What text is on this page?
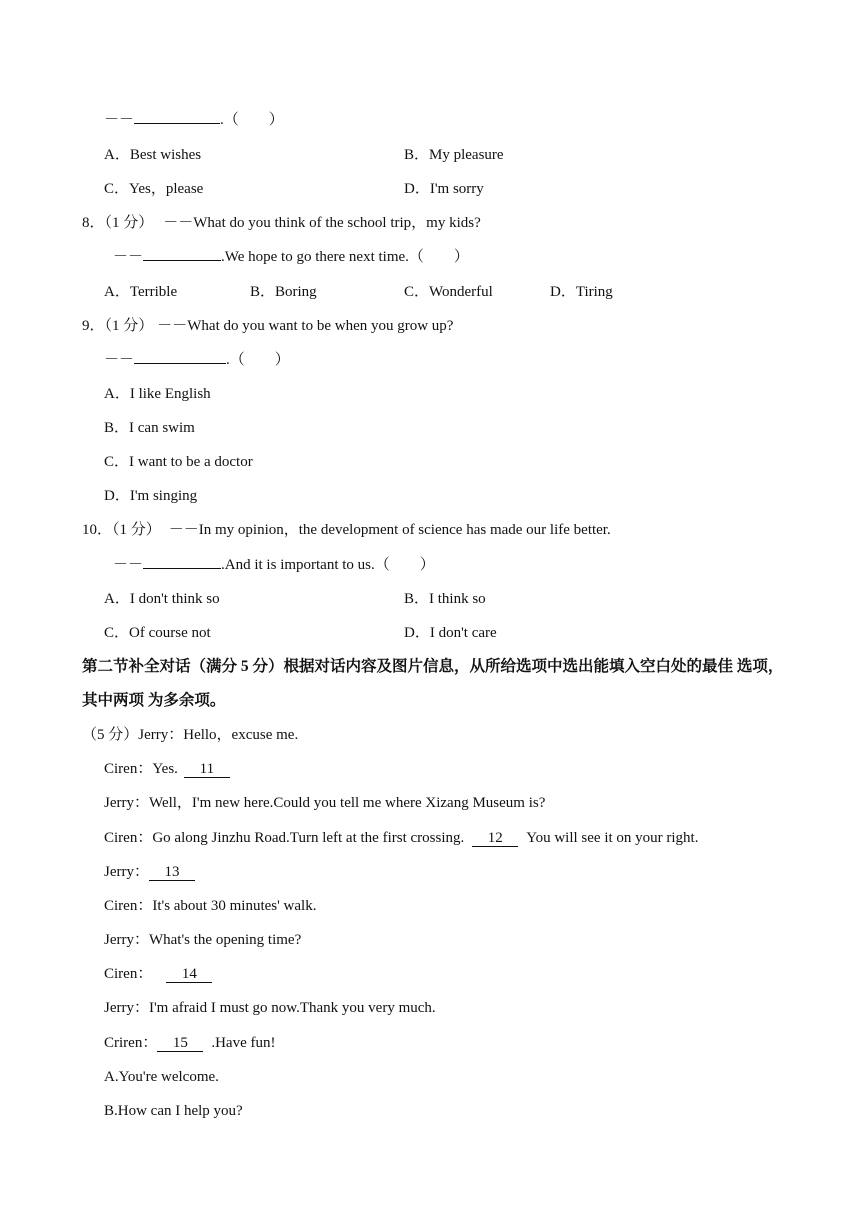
－－	.（　　）
A．Best wishes	B．My pleasure
C．Yes，please	D．I'm sorry
8．（1 分） －－What do you think of the school trip，my kids?
－－	.We hope to go there next time.（　　）
A．Terrible	B．Boring	C．Wonderful	D．Tiring
9．（1 分） －－What do you want to be when you grow up?
－－	.（　　）
A．I like English
B．I can swim
C．I want to be a doctor
D．I'm singing
10．（1 分） －－In my opinion，the development of science has made our life better.
－－	.And it is important to us.（　　）
A．I don't think so	B．I think so
C．Of course not	D．I don't care
第二节补全对话（满分 5 分）根据对话内容及图片信息，从所给选项中选出能填入空白处的最佳 选项，
其中两项 为多余项。
（5 分）Jerry：Hello，excuse me.
Ciren：Yes. 11
Jerry：Well，I'm new here.Could you tell me where Xizang Museum is?
Ciren：Go along Jinzhu Road.Turn left at the first crossing. 12 You will see it on your right.
Jerry： 13
Ciren：It's about 30 minutes' walk.
Jerry：What's the opening time?
Ciren： 14
Jerry：I'm afraid I must go now.Thank you very much.
Criren： 15 .Have fun!
A.You're welcome.
B.How can I help you?
